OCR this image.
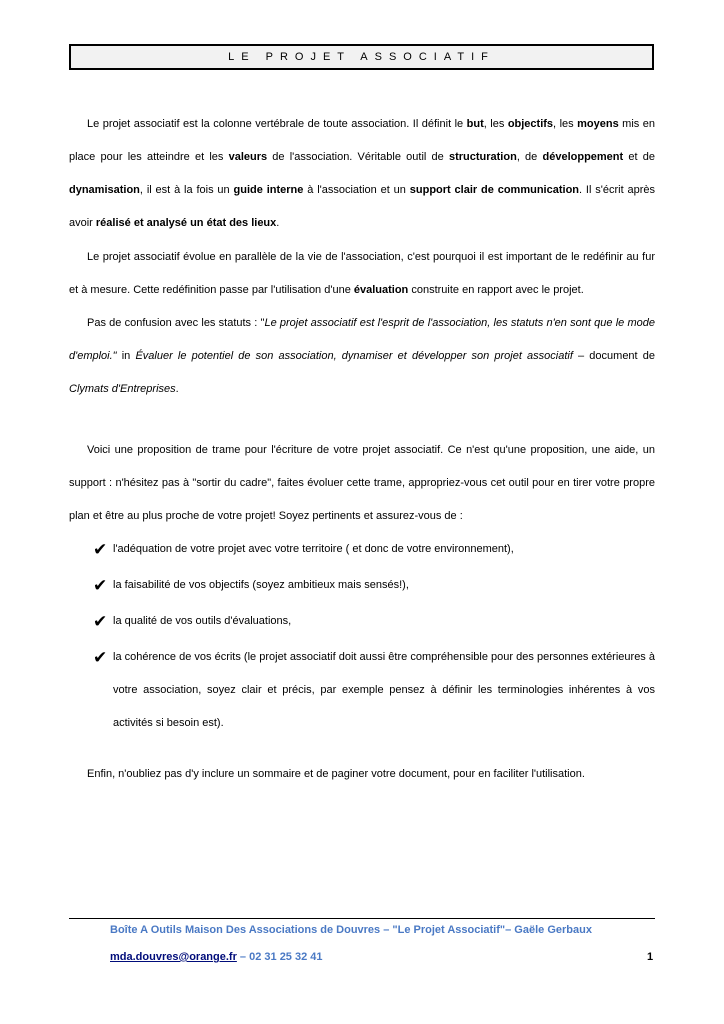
LE PROJET ASSOCIATIF

Le projet associatif est la colonne vertébrale de toute association. Il définit le but, les objectifs, les moyens mis en place pour les atteindre et les valeurs de l'association. Véritable outil de structuration, de développement et de dynamisation, il est à la fois un guide interne à l'association et un support clair de communication. Il s'écrit après avoir réalisé et analysé un état des lieux.

Le projet associatif évolue en parallèle de la vie de l'association, c'est pourquoi il est important de le redéfinir au fur et à mesure. Cette redéfinition passe par l'utilisation d'une évaluation construite en rapport avec le projet.

Pas de confusion avec les statuts : "Le projet associatif est l'esprit de l'association, les statuts n'en sont que le mode d'emploi." in Évaluer le potentiel de son association, dynamiser et développer son projet associatif – document de Clymats d'Entreprises.

Voici une proposition de trame pour l'écriture de votre projet associatif. Ce n'est qu'une proposition, une aide, un support : n'hésitez pas à "sortir du cadre", faites évoluer cette trame, appropriez-vous cet outil pour en tirer votre propre plan et être au plus proche de votre projet! Soyez pertinents et assurez-vous de :

✔ l'adéquation de votre projet avec votre territoire ( et donc de votre environnement),
✔ la faisabilité de vos objectifs (soyez ambitieux mais sensés!),
✔ la qualité de vos outils d'évaluations,
✔ la cohérence de vos écrits (le projet associatif doit aussi être compréhensible pour des personnes extérieures à votre association, soyez clair et précis, par exemple pensez à définir les terminologies inhérentes à vos activités si besoin est).

Enfin, n'oubliez pas d'y inclure un sommaire et de paginer votre document, pour en faciliter l'utilisation.

Boîte A Outils Maison Des Associations de Douvres – "Le Projet Associatif"– Gaële Gerbaux
mda.douvres@orange.fr – 02 31 25 32 41	1
